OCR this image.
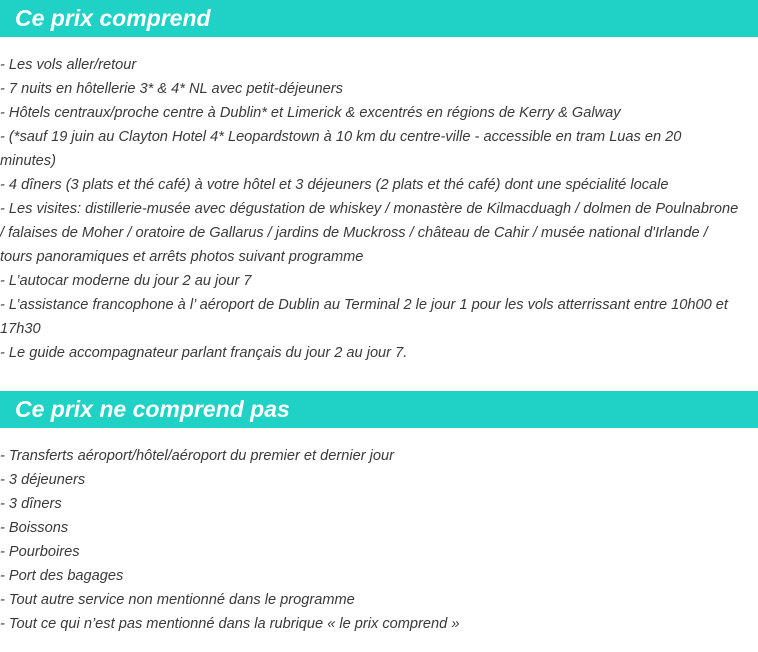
Ce prix comprend
- Les vols aller/retour
- 7 nuits en hôtellerie 3* & 4* NL avec petit-déjeuners
- Hôtels centraux/proche centre à Dublin* et Limerick & excentrés en régions de Kerry & Galway
- (*sauf 19 juin au Clayton Hotel 4* Leopardstown à 10 km du centre-ville - accessible en tram Luas en 20 minutes)
- 4 dîners (3 plats et thé café) à votre hôtel et 3 déjeuners (2 plats et thé café) dont une spécialité locale
- Les visites: distillerie-musée avec dégustation de whiskey / monastère de Kilmacduagh / dolmen de Poulnabrone / falaises de Moher / oratoire de Gallarus / jardins de Muckross / château de Cahir / musée national d'Irlande / tours panoramiques et arrêts photos suivant programme
- L’autocar moderne du jour 2 au jour 7
- L’assistance francophone à l’ aéroport de Dublin au Terminal 2 le jour 1 pour les vols atterrissant entre 10h00 et 17h30
- Le guide accompagnateur parlant français du jour 2 au jour 7.
Ce prix ne comprend pas
- Transferts aéroport/hôtel/aéroport du premier et dernier jour
- 3 déjeuners
- 3 dîners
- Boissons
- Pourboires
- Port des bagages
- Tout autre service non mentionné dans le programme
- Tout ce qui n’est pas mentionné dans la rubrique « le prix comprend »
